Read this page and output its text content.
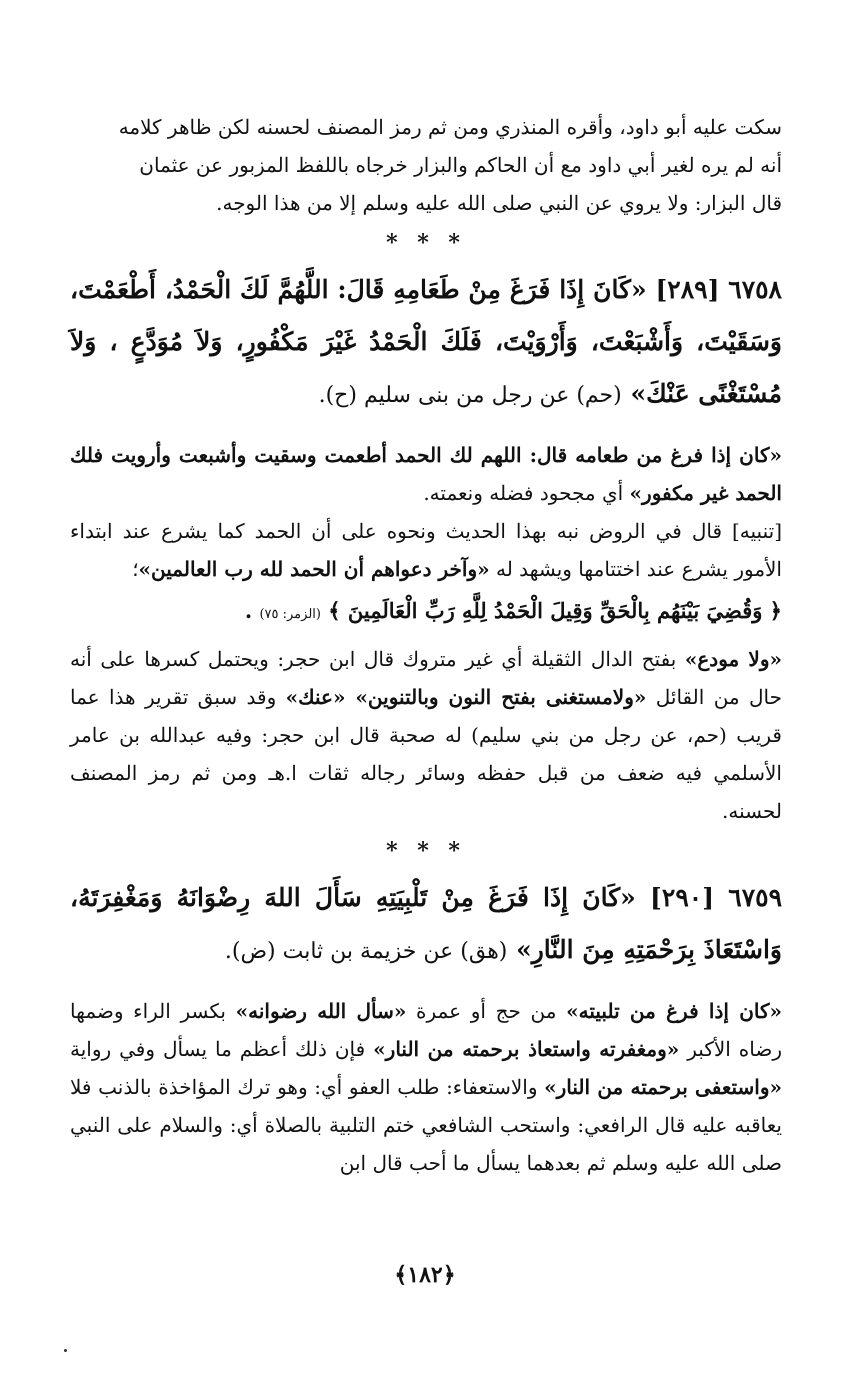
سكت عليه أبو داود، وأقره المنذري ومن ثم رمز المصنف لحسنه لكن ظاهر كلامه
أنه لم يره لغير أبي داود مع أن الحاكم والبزار خرجاه باللفظ المزبور عن عثمان
قال البزار: ولا يروي عن النبي صلى الله عليه وسلم إلا من هذا الوجه.

* * *

٦٧٥٨ [٢٨٩] «كَانَ إِذَا فَرَغَ مِنْ طَعَامِهِ قَالَ: اللَّهُمَّ لَكَ الْحَمْدُ، أَطْعَمْتَ، وَسَقَيْتَ، وَأَشْبَعْتَ، وَأَرْوَيْتَ، فَلَكَ الْحَمْدُ غَيْرَ مَكْفُورٍ، وَلاَ مُوَدَّعٍ ، وَلاَ مُسْتَغْنًى عَنْكَ» (حم) عن رجل من بنى سليم (ح).

«كان إذا فرغ من طعامه قال: اللهم لك الحمد أطعمت وسقيت وأشبعت وأرويت فلك الحمد غير مكفور» أي مجحود فضله ونعمته.

[تنبيه] قال في الروض نبه بهذا الحديث ونحوه على أن الحمد كما يشرع عند ابتداء الأمور يشرع عند اختتامها ويشهد له «وآخر دعواهم أن الحمد لله رب العالمين»؛

﴿ وَقُضِيَ بَيْنَهُم بِالْحَقِّ وَقِيلَ الْحَمْدُ لِلَّهِ رَبِّ الْعَالَمِينَ ﴾ (الزمر: ٧٥) .

«ولا مودع» بفتح الدال الثقيلة أي غير متروك قال ابن حجر: ويحتمل كسرها على أنه حال من القائل «ولامستغنى بفتح النون وبالتنوين» «عنك» وقد سبق تقرير هذا عما قريب (حم، عن رجل من بني سليم) له صحبة قال ابن حجر: وفيه عبدالله بن عامر الأسلمي فيه ضعف من قبل حفظه وسائر رجاله ثقات ا.هـ ومن ثم رمز المصنف لحسنه.

* * *

٦٧٥٩ [٢٩٠] «كَانَ إِذَا فَرَغَ مِنْ تَلْبِيَتِهِ سَأَلَ اللهَ رِضْوَانَهُ وَمَغْفِرَتَهُ، وَاسْتَعَاذَ بِرَحْمَتِهِ مِنَ النَّارِ» (هق) عن خزيمة بن ثابت (ض).

«كان إذا فرغ من تلبيته» من حج أو عمرة «سأل الله رضوانه» بكسر الراء وضمها رضاه الأكبر «ومغفرته واستعاذ برحمته من النار» فإن ذلك أعظم ما يسأل وفي رواية «واستعفى برحمته من النار» والاستعفاء: طلب العفو أي: وهو ترك المؤاخذة بالذنب فلا يعاقبه عليه قال الرافعي: واستحب الشافعي ختم التلبية بالصلاة أي: والسلام على النبي صلى الله عليه وسلم ثم بعدهما يسأل ما أحب قال ابن

﴿١٨٢﴾
